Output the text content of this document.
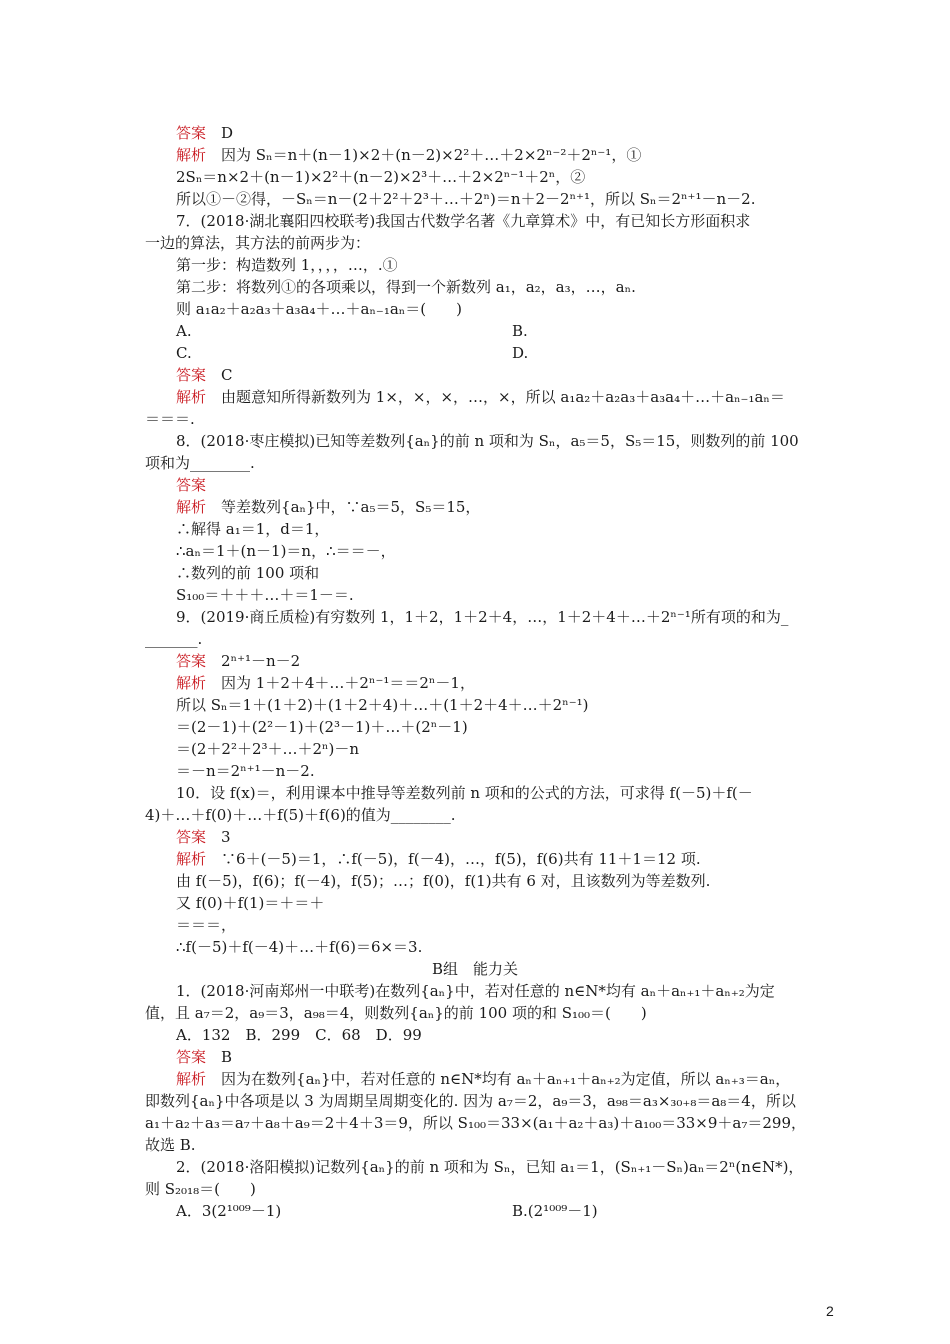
答案　 D
解析　 因为 Sₙ＝n＋(n－1)×2＋(n－2)×2²＋…＋2×2ⁿ⁻²＋2ⁿ⁻¹，①
2Sₙ＝n×2＋(n－1)×2²＋(n－2)×2³＋…＋2×2ⁿ⁻¹＋2ⁿ，②
所以①－②得，－Sₙ＝n－(2＋2²＋2³＋…＋2ⁿ)＝n＋2－2ⁿ⁺¹，所以 Sₙ＝2ⁿ⁺¹－n－2.
7．(2018·湖北襄阳四校联考)我国古代数学名著《九章算术》中，有已知长方形面积求
一边的算法，其方法的前两步为：
第一步：构造数列 1，，，，…，.①
第二步：将数列①的各项乘以，得到一个新数列 a₁，a₂，a₃，…，aₙ.
则 a₁a₂＋a₂a₃＋a₃a₄＋…＋aₙ₋₁aₙ＝(　　)
A.	B.
C.	D.
答案　 C
解析　 由题意知所得新数列为 1×，×，×，…，×，所以 a₁a₂＋a₂a₃＋a₃a₄＋…＋aₙ₋₁aₙ＝
＝＝＝.
8．(2018·枣庄模拟)已知等差数列{aₙ}的前 n 项和为 Sₙ，a₅＝5，S₅＝15，则数列的前 100
项和为________.
答案
解析　 等差数列{aₙ}中，∵a₅＝5，S₅＝15，
∴解得 a₁＝1，d＝1，
∴aₙ＝1＋(n－1)＝n，∴＝＝－，
∴数列的前 100 项和
S₁₀₀＝＋＋＋…＋＝1－＝.
9．(2019·商丘质检)有穷数列 1，1＋2，1＋2＋4，…，1＋2＋4＋…＋2ⁿ⁻¹所有项的和为_
_______.
答案　 2ⁿ⁺¹－n－2
解析　 因为 1＋2＋4＋…＋2ⁿ⁻¹＝＝2ⁿ－1，
所以 Sₙ＝1＋(1＋2)＋(1＋2＋4)＋…＋(1＋2＋4＋…＋2ⁿ⁻¹)
＝(2－1)＋(2²－1)＋(2³－1)＋…＋(2ⁿ－1)
＝(2＋2²＋2³＋…＋2ⁿ)－n
＝－n＝2ⁿ⁺¹－n－2.
10．设 f(x)＝，利用课本中推导等差数列前 n 项和的公式的方法，可求得 f(－5)＋f(－
4)＋…＋f(0)＋…＋f(5)＋f(6)的值为________.
答案　 3
解析　 ∵6＋(－5)＝1，∴f(－5)，f(－4)，…，f(5)，f(6)共有 11＋1＝12 项.
由 f(－5)，f(6)；f(－4)，f(5)；…；f(0)，f(1)共有 6 对，且该数列为等差数列.
又 f(0)＋f(1)＝＋＝＋
＝＝＝，
∴f(－5)＋f(－4)＋…＋f(6)＝6×＝3.
B组　能力关
1．(2018·河南郑州一中联考)在数列{aₙ}中，若对任意的 n∈N*均有 aₙ＋aₙ₊₁＋aₙ₊₂为定
值，且 a₇＝2，a₉＝3，a₉₈＝4，则数列{aₙ}的前 100 项的和 S₁₀₀＝(　　)
A．132　B．299　C．68　D．99
答案　 B
解析　 因为在数列{aₙ}中，若对任意的 n∈N*均有 aₙ＋aₙ₊₁＋aₙ₊₂为定值，所以 aₙ₊₃＝aₙ，
即数列{aₙ}中各项是以 3 为周期呈周期变化的. 因为 a₇＝2，a₉＝3，a₉₈＝a₃×₃₀₊₈＝a₈＝4，所以
a₁＋a₂＋a₃＝a₇＋a₈＋a₉＝2＋4＋3＝9，所以 S₁₀₀＝33×(a₁＋a₂＋a₃)＋a₁₀₀＝33×9＋a₇＝299，
故选 B.
2．(2018·洛阳模拟)记数列{aₙ}的前 n 项和为 Sₙ，已知 a₁＝1，(Sₙ₊₁－Sₙ)aₙ＝2ⁿ(n∈N*)，
则 S₂₀₁₈＝(　　)
A．3(2¹⁰⁰⁹－1)	B.(2¹⁰⁰⁹－1)
2
